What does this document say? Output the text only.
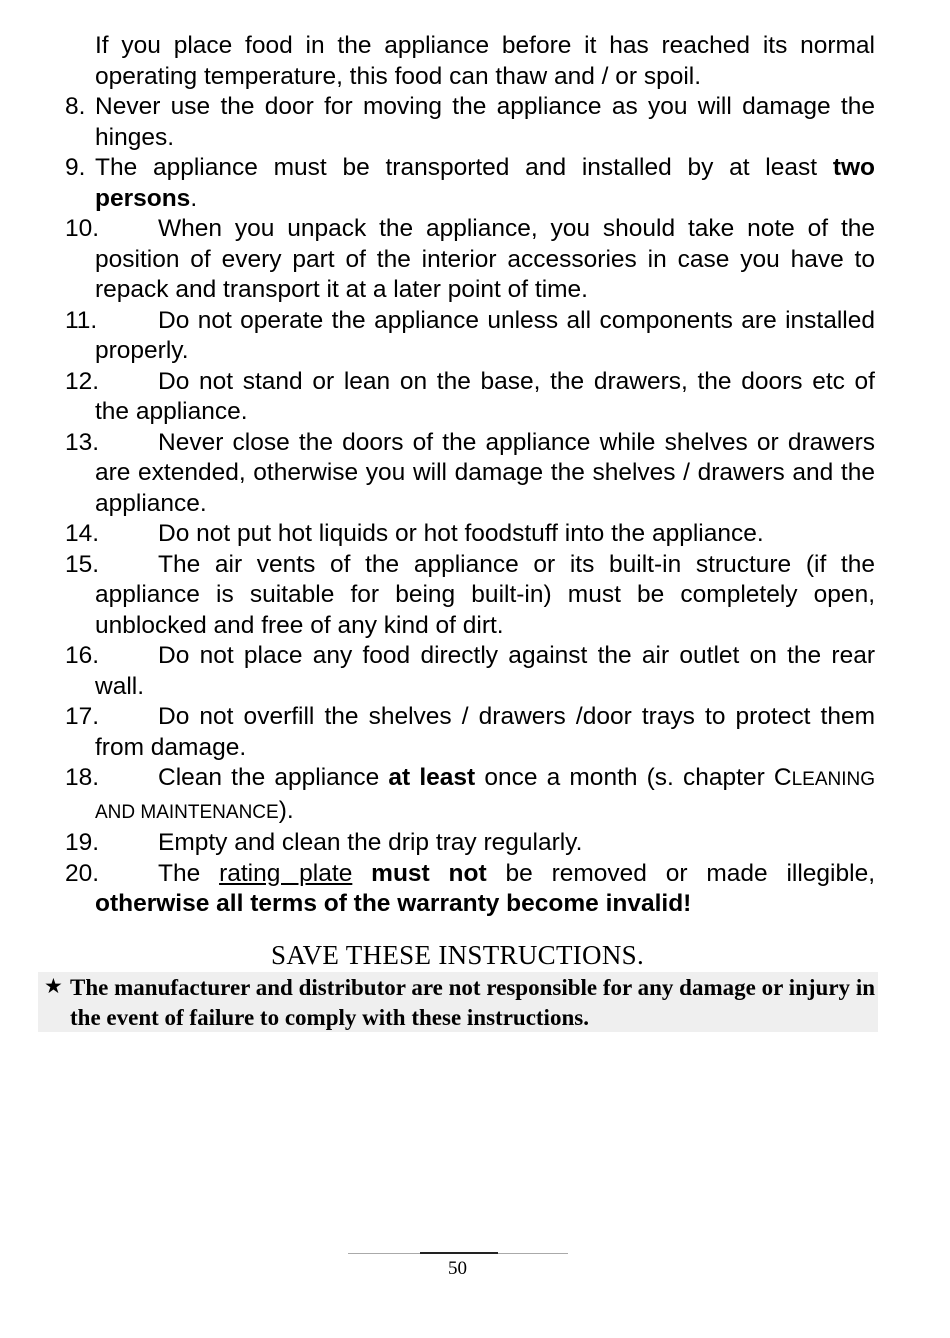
If you place food in the appliance before it has reached its normal operating temperature, this food can thaw and / or spoil.
8. Never use the door for moving the appliance as you will damage the hinges.
9. The appliance must be transported and installed by at least two persons.
10. When you unpack the appliance, you should take note of the position of every part of the interior accessories in case you have to repack and transport it at a later point of time.
11. Do not operate the appliance unless all components are installed properly.
12. Do not stand or lean on the base, the drawers, the doors etc of the appliance.
13. Never close the doors of the appliance while shelves or drawers are extended, otherwise you will damage the shelves / drawers and the appliance.
14. Do not put hot liquids or hot foodstuff into the appliance.
15. The air vents of the appliance or its built-in structure (if the appliance is suitable for being built-in) must be completely open, unblocked and free of any kind of dirt.
16. Do not place any food directly against the air outlet on the rear wall.
17. Do not overfill the shelves / drawers /door trays to protect them from damage.
18. Clean the appliance at least once a month (s. chapter CLEANING AND MAINTENANCE).
19. Empty and clean the drip tray regularly.
20. The rating plate must not be removed or made illegible, otherwise all terms of the warranty become invalid!
SAVE THESE INSTRUCTIONS.
★ The manufacturer and distributor are not responsible for any damage or injury in the event of failure to comply with these instructions.
50
